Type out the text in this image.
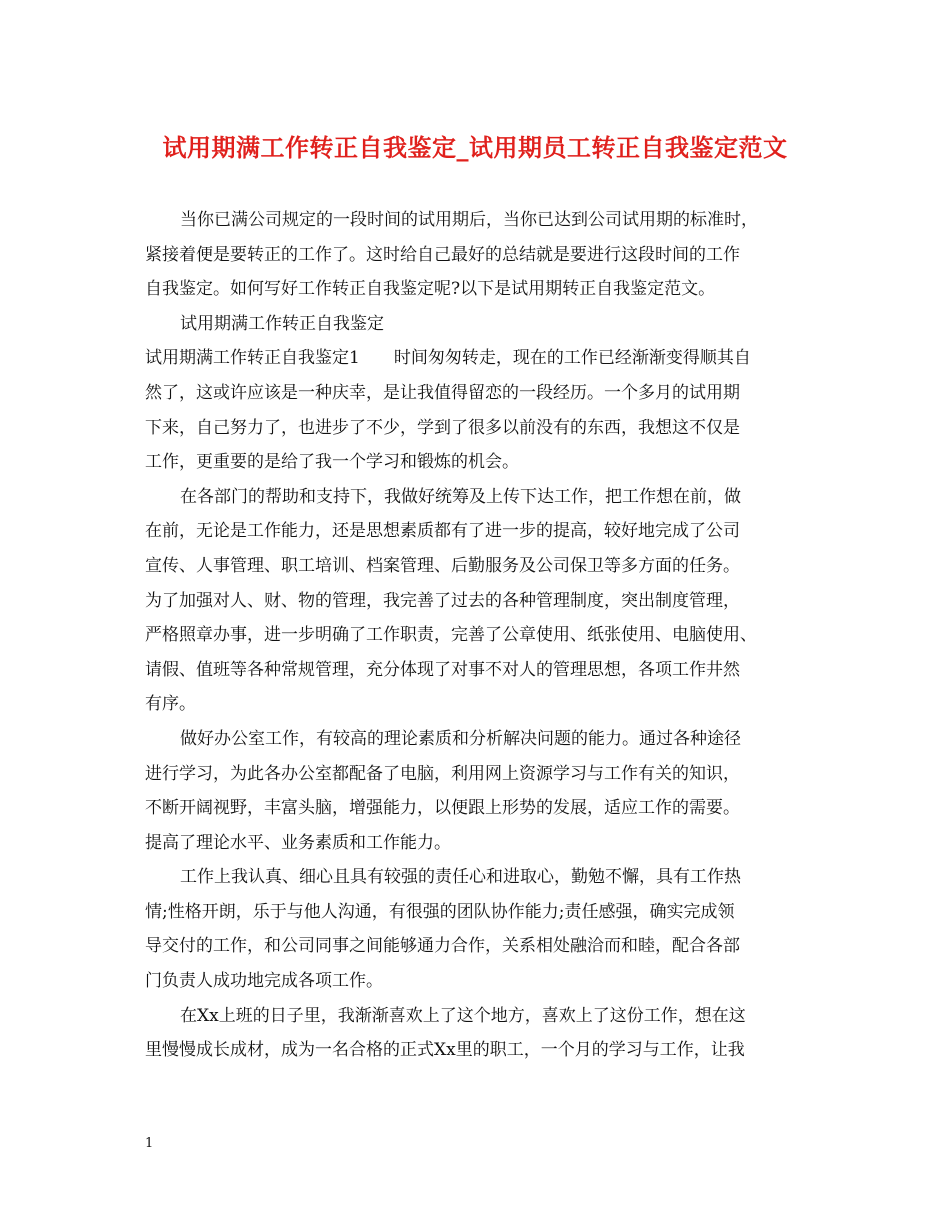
试用期满工作转正自我鉴定_试用期员工转正自我鉴定范文
当你已满公司规定的一段时间的试用期后，当你已达到公司试用期的标准时，
紧接着便是要转正的工作了。这时给自己最好的总结就是要进行这段时间的工作
自我鉴定。如何写好工作转正自我鉴定呢?以下是试用期转正自我鉴定范文。
试用期满工作转正自我鉴定
试用期满工作转正自我鉴定1　　时间匆匆转走，现在的工作已经渐渐变得顺其自
然了，这或许应该是一种庆幸，是让我值得留恋的一段经历。一个多月的试用期
下来，自己努力了，也进步了不少，学到了很多以前没有的东西，我想这不仅是
工作，更重要的是给了我一个学习和锻炼的机会。
在各部门的帮助和支持下，我做好统筹及上传下达工作，把工作想在前，做
在前，无论是工作能力，还是思想素质都有了进一步的提高，较好地完成了公司
宣传、人事管理、职工培训、档案管理、后勤服务及公司保卫等多方面的任务。
为了加强对人、财、物的管理，我完善了过去的各种管理制度，突出制度管理，
严格照章办事，进一步明确了工作职责，完善了公章使用、纸张使用、电脑使用、
请假、值班等各种常规管理，充分体现了对事不对人的管理思想，各项工作井然
有序。
做好办公室工作，有较高的理论素质和分析解决问题的能力。通过各种途径
进行学习，为此各办公室都配备了电脑，利用网上资源学习与工作有关的知识，
不断开阔视野，丰富头脑，增强能力，以便跟上形势的发展，适应工作的需要。
提高了理论水平、业务素质和工作能力。
工作上我认真、细心且具有较强的责任心和进取心，勤勉不懈，具有工作热
情;性格开朗，乐于与他人沟通，有很强的团队协作能力;责任感强，确实完成领
导交付的工作，和公司同事之间能够通力合作，关系相处融洽而和睦，配合各部
门负责人成功地完成各项工作。
在Xx上班的日子里，我渐渐喜欢上了这个地方，喜欢上了这份工作，想在这
里慢慢成长成材，成为一名合格的正式Xx里的职工，一个月的学习与工作，让我
1
